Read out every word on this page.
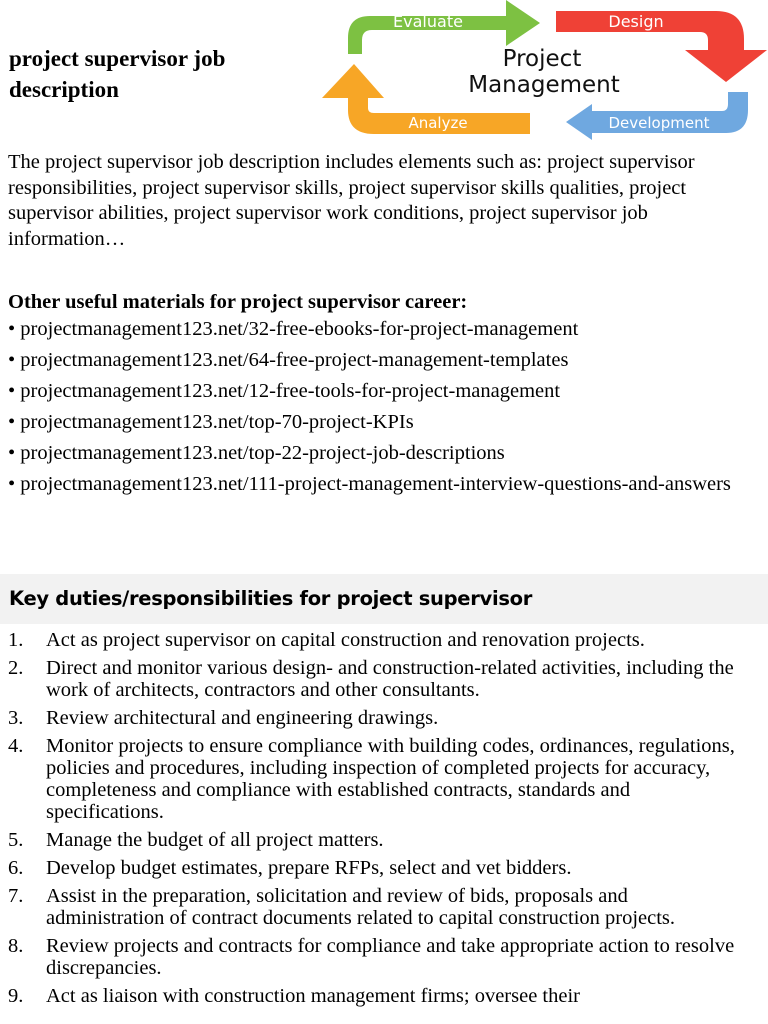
project supervisor job description
Evaluate	Design
Analyze	Development
Project
Management

The project supervisor job description includes elements such as: project supervisor responsibilities, project supervisor skills, project supervisor skills qualities, project supervisor abilities, project supervisor work conditions, project supervisor job information…

Other useful materials for project supervisor career:

• projectmanagement123.net/32-free-ebooks-for-project-management
• projectmanagement123.net/64-free-project-management-templates
• projectmanagement123.net/12-free-tools-for-project-management
• projectmanagement123.net/top-70-project-KPIs
• projectmanagement123.net/top-22-project-job-descriptions
• projectmanagement123.net/111-project-management-interview-questions-and-answers
Key duties/responsibilities for project supervisor
1. Act as project supervisor on capital construction and renovation projects.
2. Direct and monitor various design- and construction-related activities, including the work of architects, contractors and other consultants.
3. Review architectural and engineering drawings.
4. Monitor projects to ensure compliance with building codes, ordinances, regulations, policies and procedures, including inspection of completed projects for accuracy, completeness and compliance with established contracts, standards and specifications.
5. Manage the budget of all project matters.
6. Develop budget estimates, prepare RFPs, select and vet bidders.
7. Assist in the preparation, solicitation and review of bids, proposals and administration of contract documents related to capital construction projects.
8. Review projects and contracts for compliance and take appropriate action to resolve discrepancies.
9. Act as liaison with construction management firms; oversee their
